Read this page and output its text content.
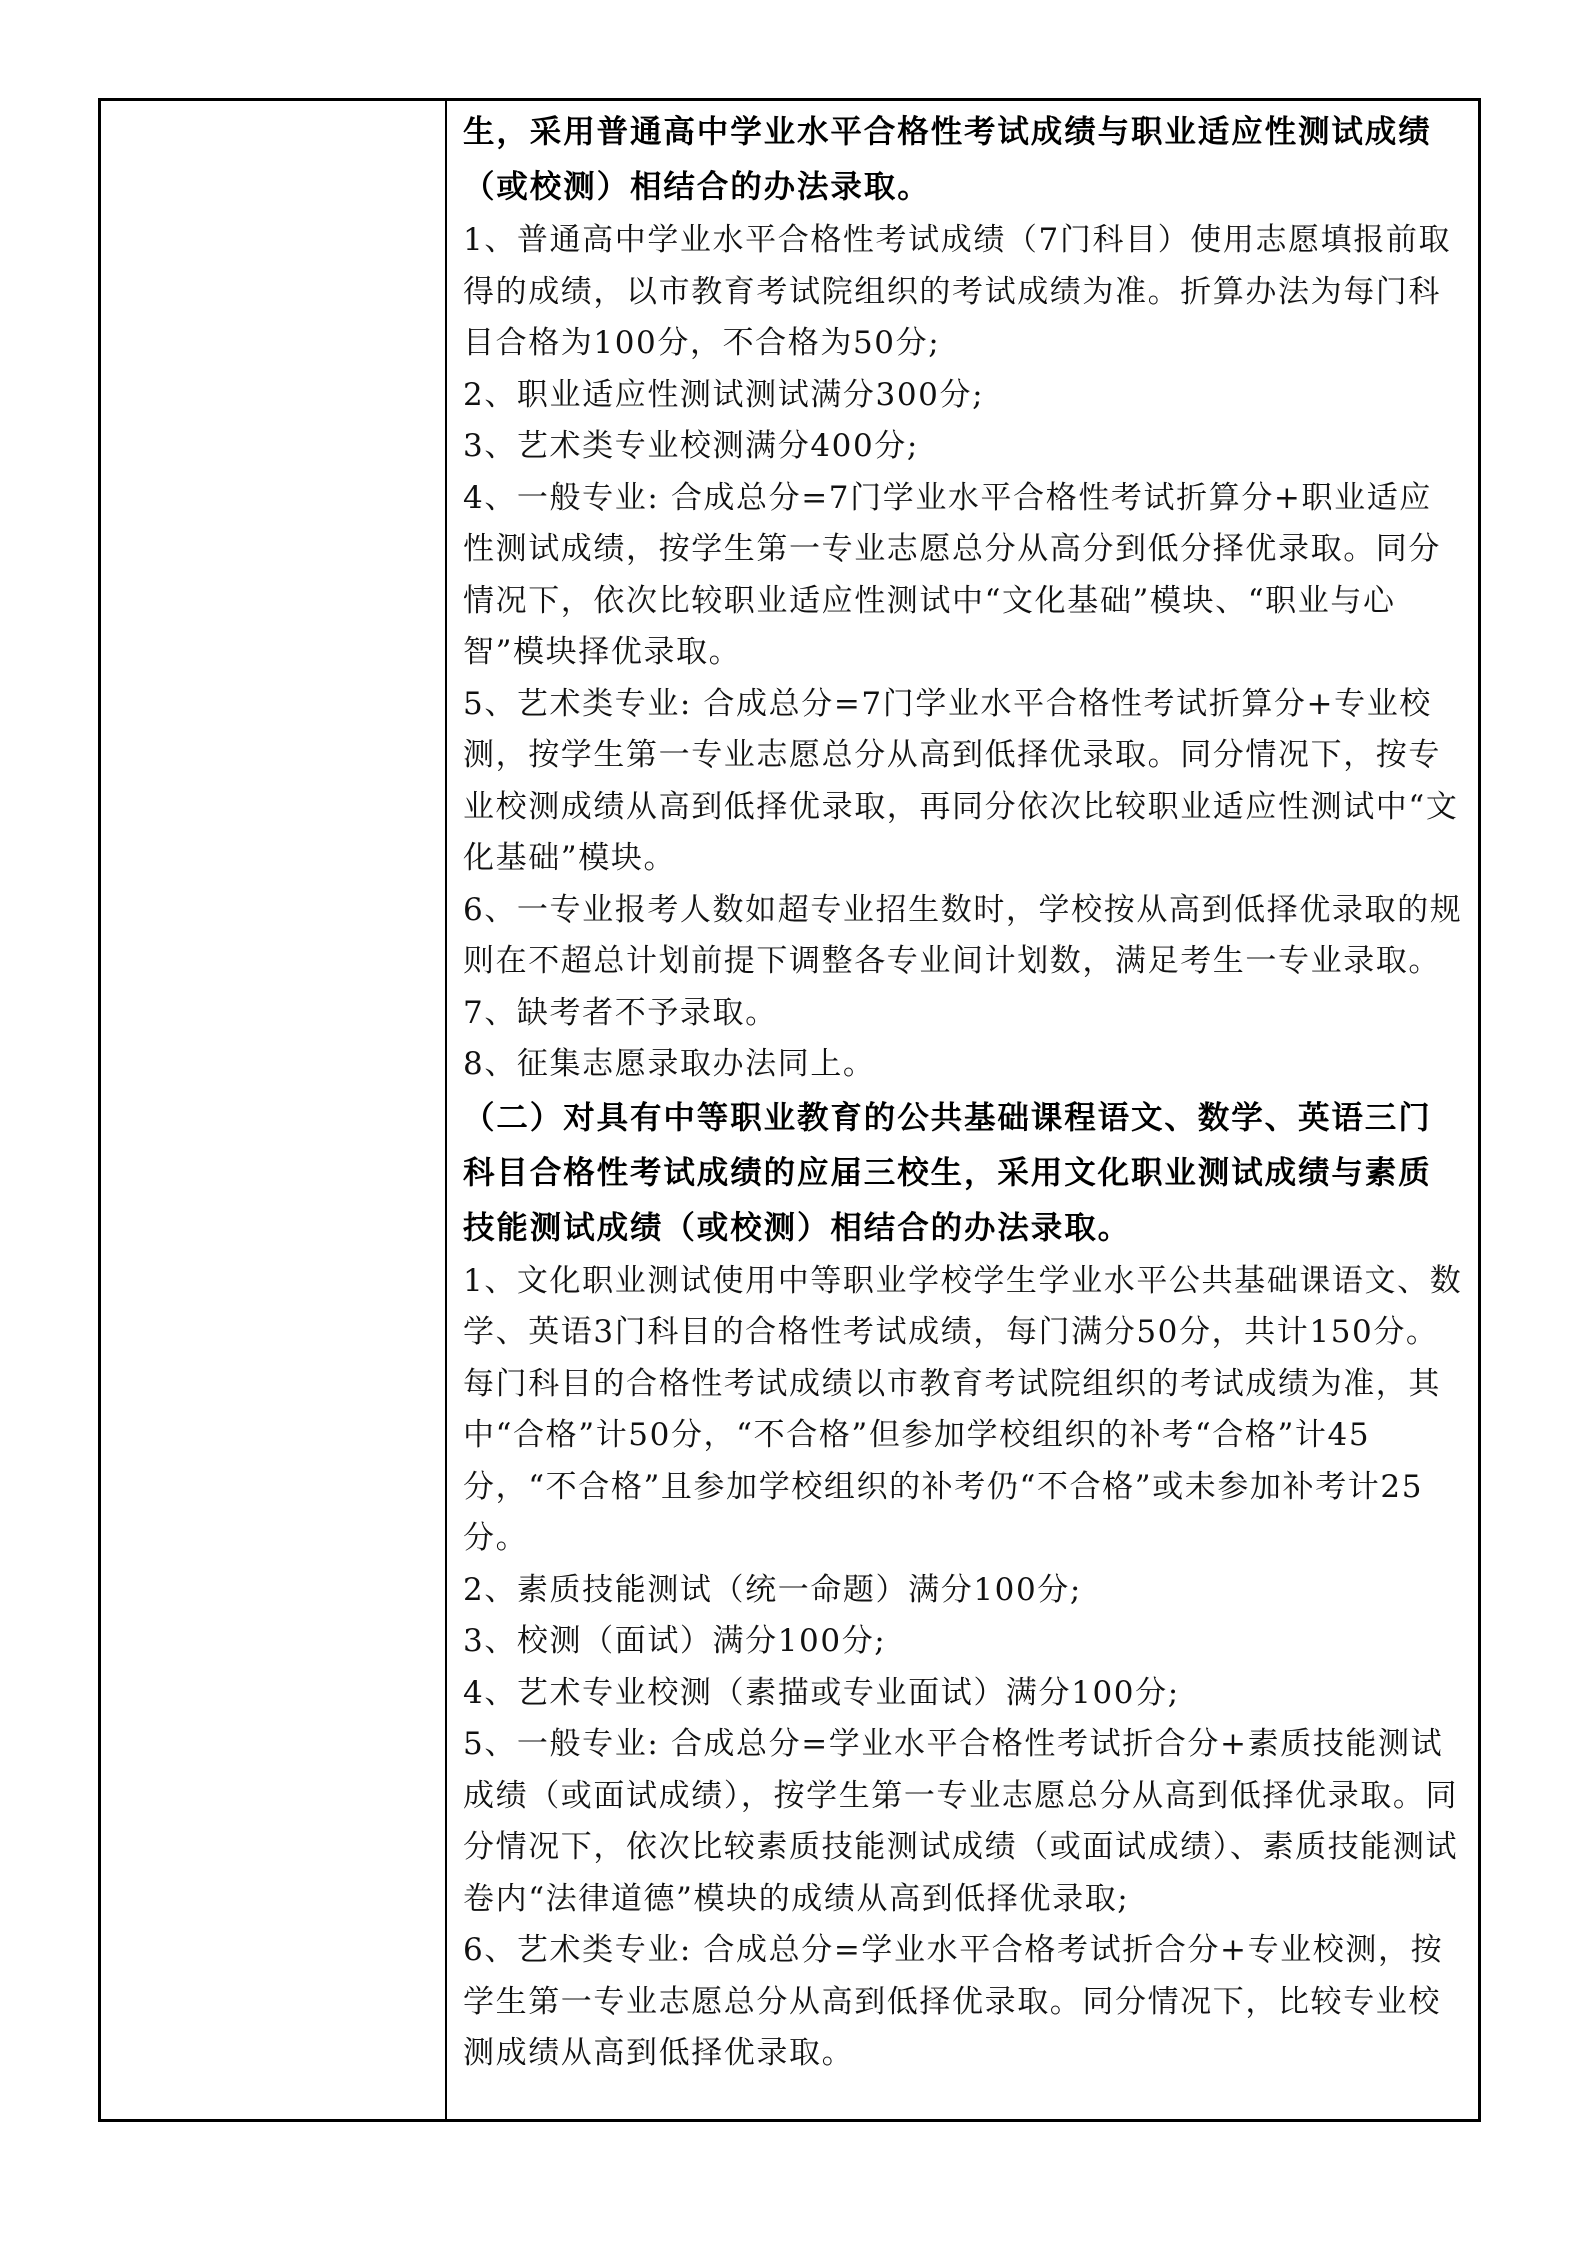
生，采用普通高中学业水平合格性考试成绩与职业适应性测试成绩（或校测）相结合的办法录取。

1、普通高中学业水平合格性考试成绩（7门科目）使用志愿填报前取得的成绩，以市教育考试院组织的考试成绩为准。折算办法为每门科目合格为100分，不合格为50分;

2、职业适应性测试测试满分300分;

3、艺术类专业校测满分400分;

4、一般专业: 合成总分=7门学业水平合格性考试折算分+职业适应性测试成绩，按学生第一专业志愿总分从高分到低分择优录取。同分情况下，依次比较职业适应性测试中“文化基础”模块、“职业与心智”模块择优录取。

5、艺术类专业: 合成总分=7门学业水平合格性考试折算分+专业校测，按学生第一专业志愿总分从高到低择优录取。同分情况下，按专业校测成绩从高到低择优录取，再同分依次比较职业适应性测试中“文化基础”模块。

6、一专业报考人数如超专业招生数时，学校按从高到低择优录取的规则在不超总计划前提下调整各专业间计划数，满足考生一专业录取。

7、缺考者不予录取。

8、征集志愿录取办法同上。

（二）对具有中等职业教育的公共基础课程语文、数学、英语三门科目合格性考试成绩的应届三校生，采用文化职业测试成绩与素质技能测试成绩（或校测）相结合的办法录取。

1、文化职业测试使用中等职业学校学生学业水平公共基础课语文、数学、英语3门科目的合格性考试成绩，每门满分50分，共计150分。每门科目的合格性考试成绩以市教育考试院组织的考试成绩为准，其中“合格”计50分，“不合格”但参加学校组织的补考“合格”计45分，“不合格”且参加学校组织的补考仍“不合格”或未参加补考计25分。

2、素质技能测试（统一命题）满分100分;

3、校测（面试）满分100分;

4、艺术专业校测（素描或专业面试）满分100分;

5、一般专业: 合成总分=学业水平合格性考试折合分+素质技能测试成绩（或面试成绩），按学生第一专业志愿总分从高到低择优录取。同分情况下，依次比较素质技能测试成绩（或面试成绩）、素质技能测试卷内“法律道德”模块的成绩从高到低择优录取;

6、艺术类专业: 合成总分=学业水平合格考试折合分+专业校测，按学生第一专业志愿总分从高到低择优录取。同分情况下，比较专业校测成绩从高到低择优录取。
